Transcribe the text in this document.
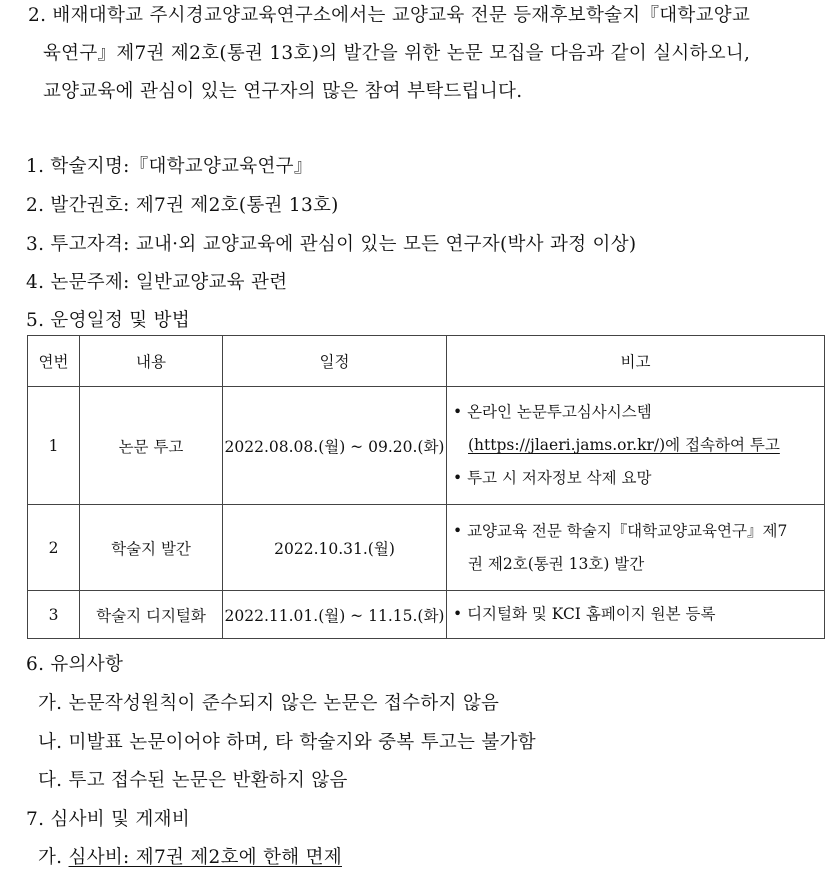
2. 배재대학교 주시경교양교육연구소에서는 교양교육 전문 등재후보학술지『대학교양교
육연구』제7권 제2호(통권 13호)의 발간을 위한 논문 모집을 다음과 같이 실시하오니,
교양교육에 관심이 있는 연구자의 많은 참여 부탁드립니다.
1. 학술지명:『대학교양교육연구』
2. 발간권호: 제7권 제2호(통권 13호)
3. 투고자격: 교내·외 교양교육에 관심이 있는 모든 연구자(박사 과정 이상)
4. 논문주제: 일반교양교육 관련
5. 운영일정 및 방법
연번	내용	일정	비고
1	논문 투고	2022.08.08.(월) ~ 09.20.(화)	• 온라인 논문투고심사시스템
(https://jlaeri.jams.or.kr/)에 접속하여 투고
• 투고 시 저자정보 삭제 요망

2	학술지 발간	2022.10.31.(월)	• 교양교육 전문 학술지『대학교양교육연구』제7
권 제2호(통권 13호) 발간

3	학술지 디지털화	2022.11.01.(월) ~ 11.15.(화)	• 디지털화 및 KCI 홈페이지 원본 등록
6. 유의사항
가. 논문작성원칙이 준수되지 않은 논문은 접수하지 않음
나. 미발표 논문이어야 하며, 타 학술지와 중복 투고는 불가함
다. 투고 접수된 논문은 반환하지 않음
7. 심사비 및 게재비
가. 심사비: 제7권 제2호에 한해 면제
